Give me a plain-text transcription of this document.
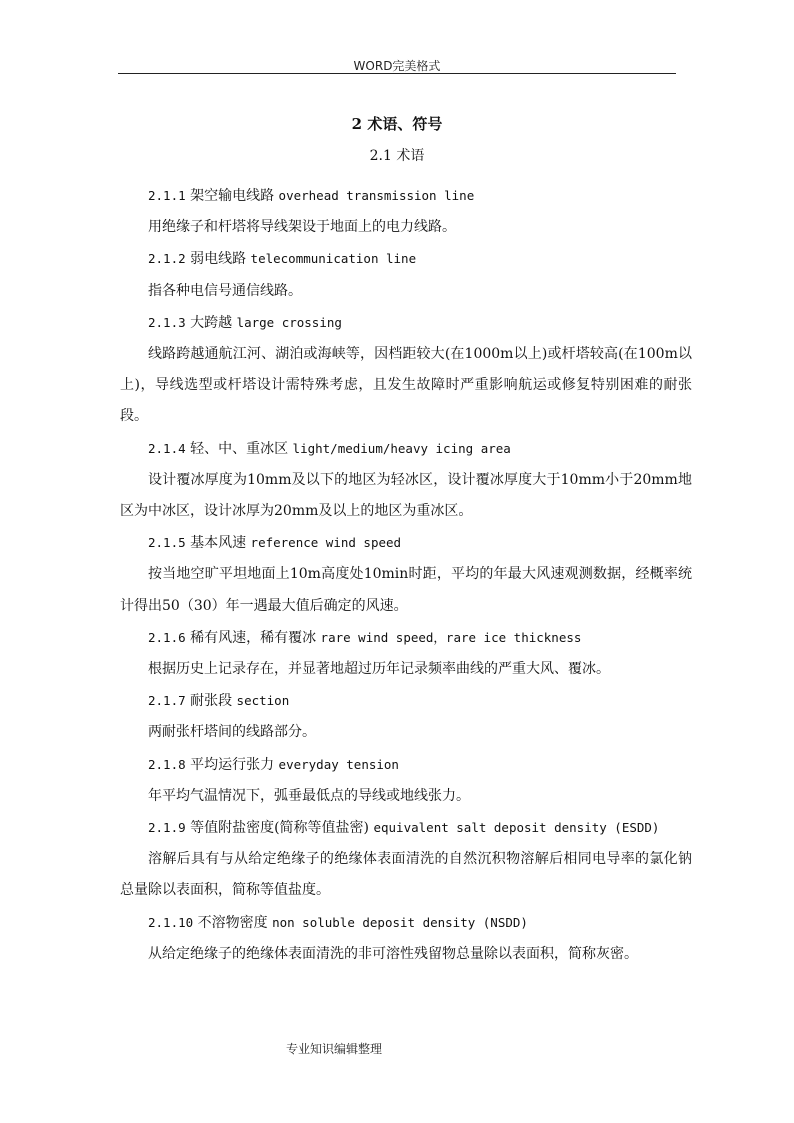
WORD完美格式
2 术语、符号
2.1 术语

2.1.1 架空输电线路 overhead transmission line

用绝缘子和杆塔将导线架设于地面上的电力线路。

2.1.2 弱电线路 telecommunication line

指各种电信号通信线路。

2.1.3 大跨越 large crossing

线路跨越通航江河、湖泊或海峡等，因档距较大(在1000m以上)或杆塔较高(在100m以上)，导线选型或杆塔设计需特殊考虑，且发生故障时严重影响航运或修复特别困难的耐张段。

2.1.4 轻、中、重冰区 light/medium/heavy icing area

设计覆冰厚度为10mm及以下的地区为轻冰区，设计覆冰厚度大于10mm小于20mm地区为中冰区，设计冰厚为20mm及以上的地区为重冰区。

2.1.5 基本风速 reference wind speed

按当地空旷平坦地面上10m高度处10min时距，平均的年最大风速观测数据，经概率统计得出50（30）年一遇最大值后确定的风速。

2.1.6 稀有风速，稀有覆冰 rare wind speed，rare ice thickness

根据历史上记录存在，并显著地超过历年记录频率曲线的严重大风、覆冰。

2.1.7 耐张段 section

两耐张杆塔间的线路部分。

2.1.8 平均运行张力 everyday tension

年平均气温情况下，弧垂最低点的导线或地线张力。

2.1.9 等值附盐密度(简称等值盐密) equivalent salt deposit density (ESDD)

溶解后具有与从给定绝缘子的绝缘体表面清洗的自然沉积物溶解后相同电导率的氯化钠总量除以表面积，简称等值盐度。

2.1.10 不溶物密度 non soluble deposit density (NSDD)

从给定绝缘子的绝缘体表面清洗的非可溶性残留物总量除以表面积，简称灰密。

专业知识编辑整理
